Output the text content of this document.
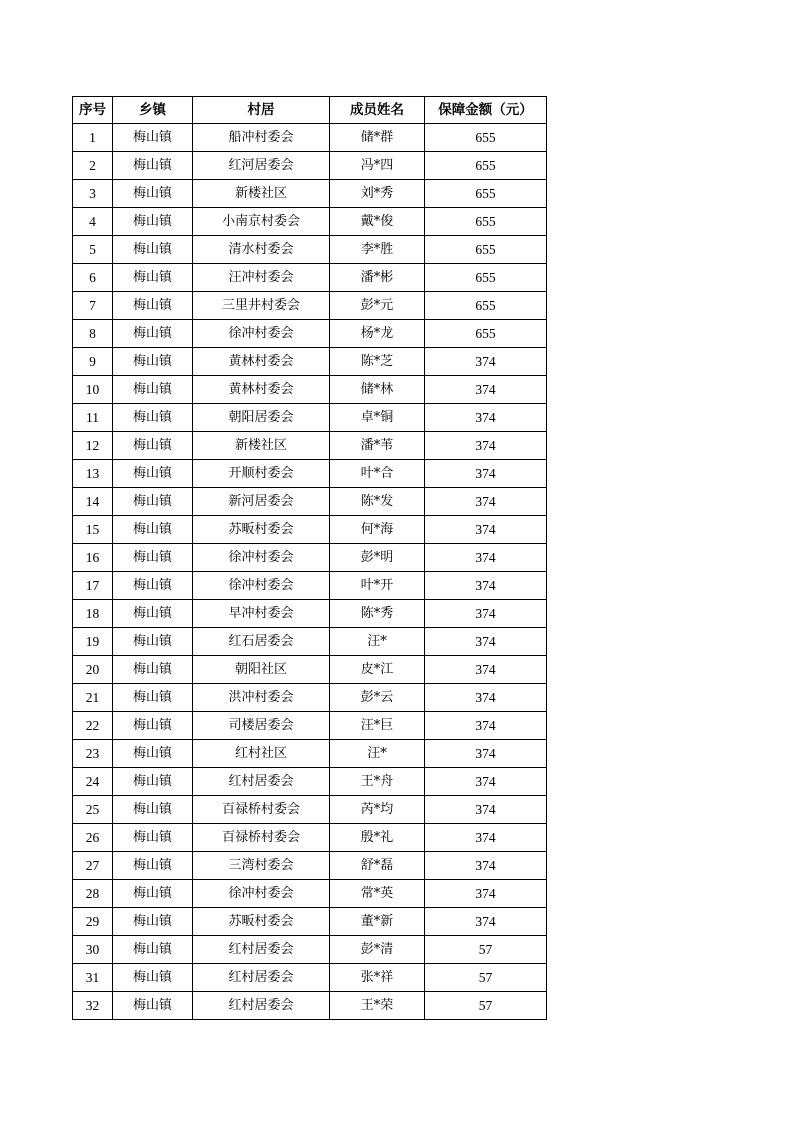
序号	乡镇	村居	成员姓名	保障金额（元）
1	梅山镇	船冲村委会	储*群	655
2	梅山镇	红河居委会	冯*四	655
3	梅山镇	新楼社区	刘*秀	655
4	梅山镇	小南京村委会	戴*俊	655
5	梅山镇	清水村委会	李*胜	655
6	梅山镇	汪冲村委会	潘*彬	655
7	梅山镇	三里井村委会	彭*元	655
8	梅山镇	徐冲村委会	杨*龙	655
9	梅山镇	黄林村委会	陈*芝	374
10	梅山镇	黄林村委会	储*林	374
11	梅山镇	朝阳居委会	卓*铜	374
12	梅山镇	新楼社区	潘*苇	374
13	梅山镇	开顺村委会	叶*合	374
14	梅山镇	新河居委会	陈*发	374
15	梅山镇	苏畈村委会	何*海	374
16	梅山镇	徐冲村委会	彭*明	374
17	梅山镇	徐冲村委会	叶*开	374
18	梅山镇	早冲村委会	陈*秀	374
19	梅山镇	红石居委会	汪*	374
20	梅山镇	朝阳社区	皮*江	374
21	梅山镇	洪冲村委会	彭*云	374
22	梅山镇	司楼居委会	汪*巨	374
23	梅山镇	红村社区	汪*	374
24	梅山镇	红村居委会	王*舟	374
25	梅山镇	百禄桥村委会	芮*均	374
26	梅山镇	百禄桥村委会	殷*礼	374
27	梅山镇	三湾村委会	舒*磊	374
28	梅山镇	徐冲村委会	常*英	374
29	梅山镇	苏畈村委会	董*新	374
30	梅山镇	红村居委会	彭*清	57
31	梅山镇	红村居委会	张*祥	57
32	梅山镇	红村居委会	王*荣	57
